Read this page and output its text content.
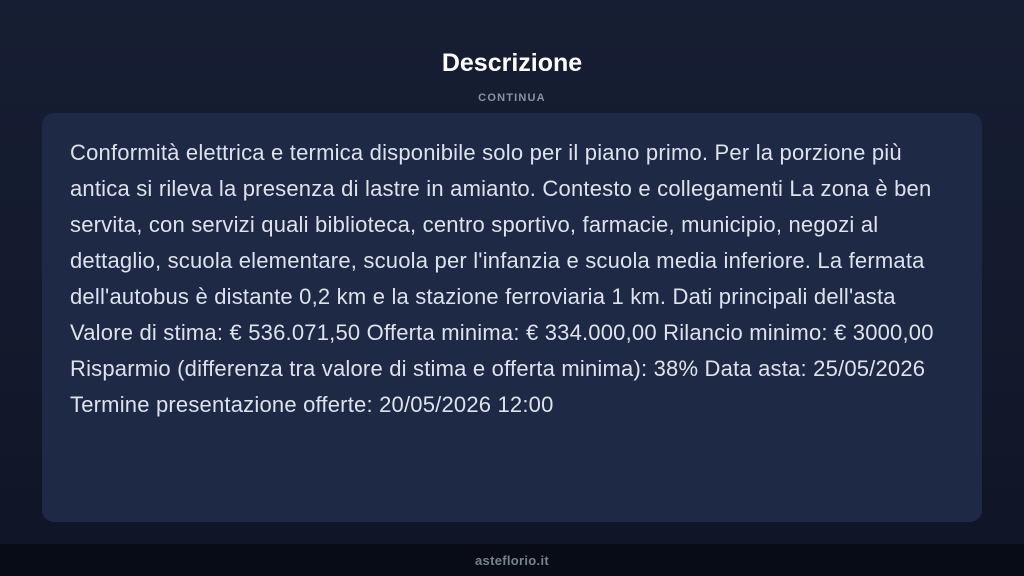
Descrizione
CONTINUA
Conformità elettrica e termica disponibile solo per il piano primo. Per la porzione più antica si rileva la presenza di lastre in amianto. Contesto e collegamenti La zona è ben servita, con servizi quali biblioteca, centro sportivo, farmacie, municipio, negozi al dettaglio, scuola elementare, scuola per l'infanzia e scuola media inferiore. La fermata dell'autobus è distante 0,2 km e la stazione ferroviaria 1 km. Dati principali dell'asta Valore di stima: € 536.071,50 Offerta minima: € 334.000,00 Rilancio minimo: € 3000,00 Risparmio (differenza tra valore di stima e offerta minima): 38% Data asta: 25/05/2026 Termine presentazione offerte: 20/05/2026 12:00
asteflorio.it
